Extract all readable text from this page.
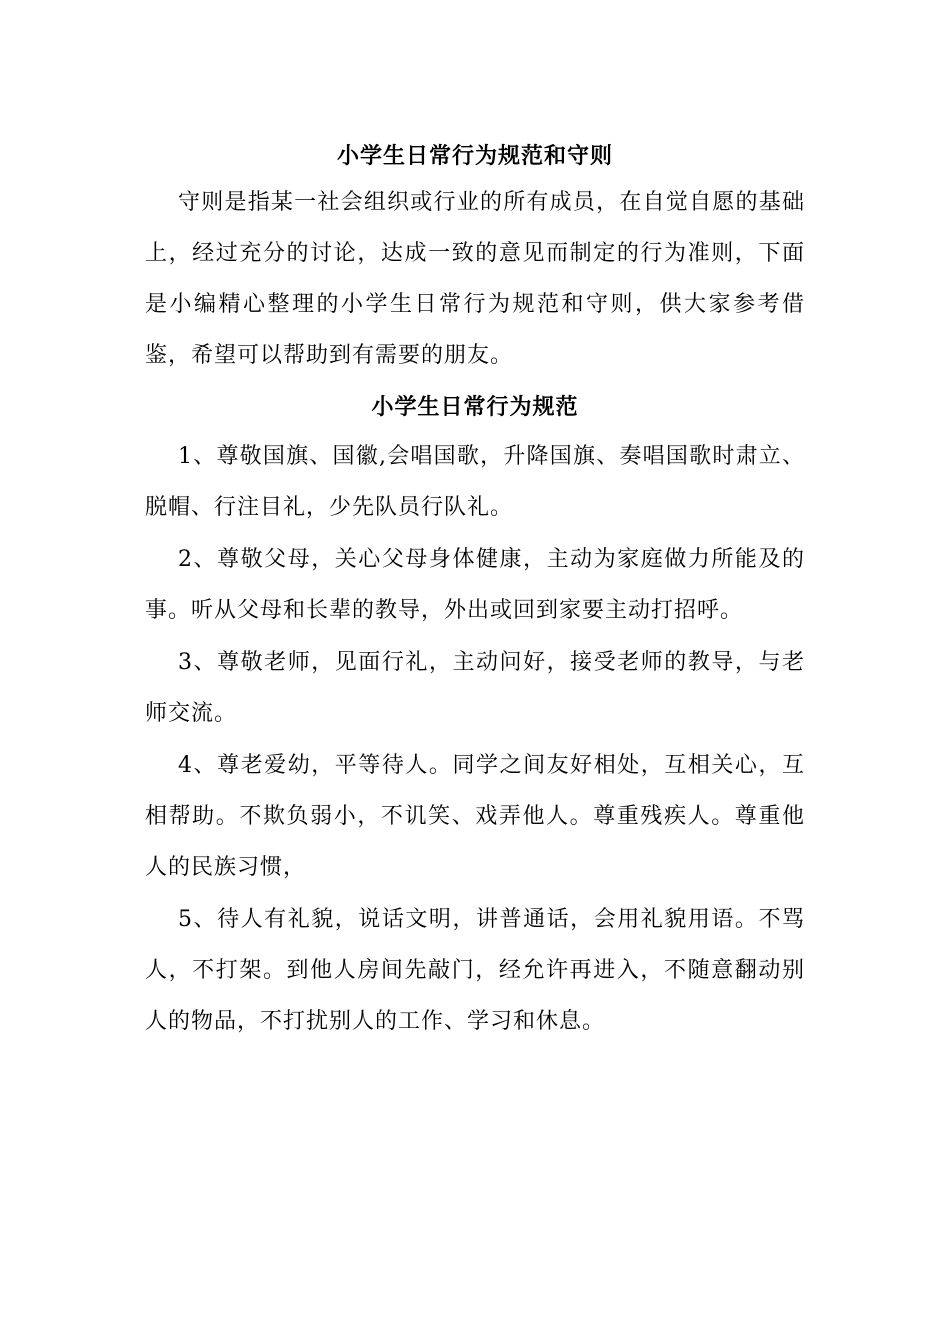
小学生日常行为规范和守则

守则是指某一社会组织或行业的所有成员，在自觉自愿的基础上，经过充分的讨论，达成一致的意见而制定的行为准则，下面是小编精心整理的小学生日常行为规范和守则，供大家参考借鉴，希望可以帮助到有需要的朋友。

小学生日常行为规范

1、尊敬国旗、国徽,会唱国歌，升降国旗、奏唱国歌时肃立、脱帽、行注目礼，少先队员行队礼。

2、尊敬父母，关心父母身体健康，主动为家庭做力所能及的事。听从父母和长辈的教导，外出或回到家要主动打招呼。

3、尊敬老师，见面行礼，主动问好，接受老师的教导，与老师交流。

4、尊老爱幼，平等待人。同学之间友好相处，互相关心，互相帮助。不欺负弱小，不讥笑、戏弄他人。尊重残疾人。尊重他人的民族习惯，

5、待人有礼貌，说话文明，讲普通话，会用礼貌用语。不骂人，不打架。到他人房间先敲门，经允许再进入，不随意翻动别人的物品，不打扰别人的工作、学习和休息。
